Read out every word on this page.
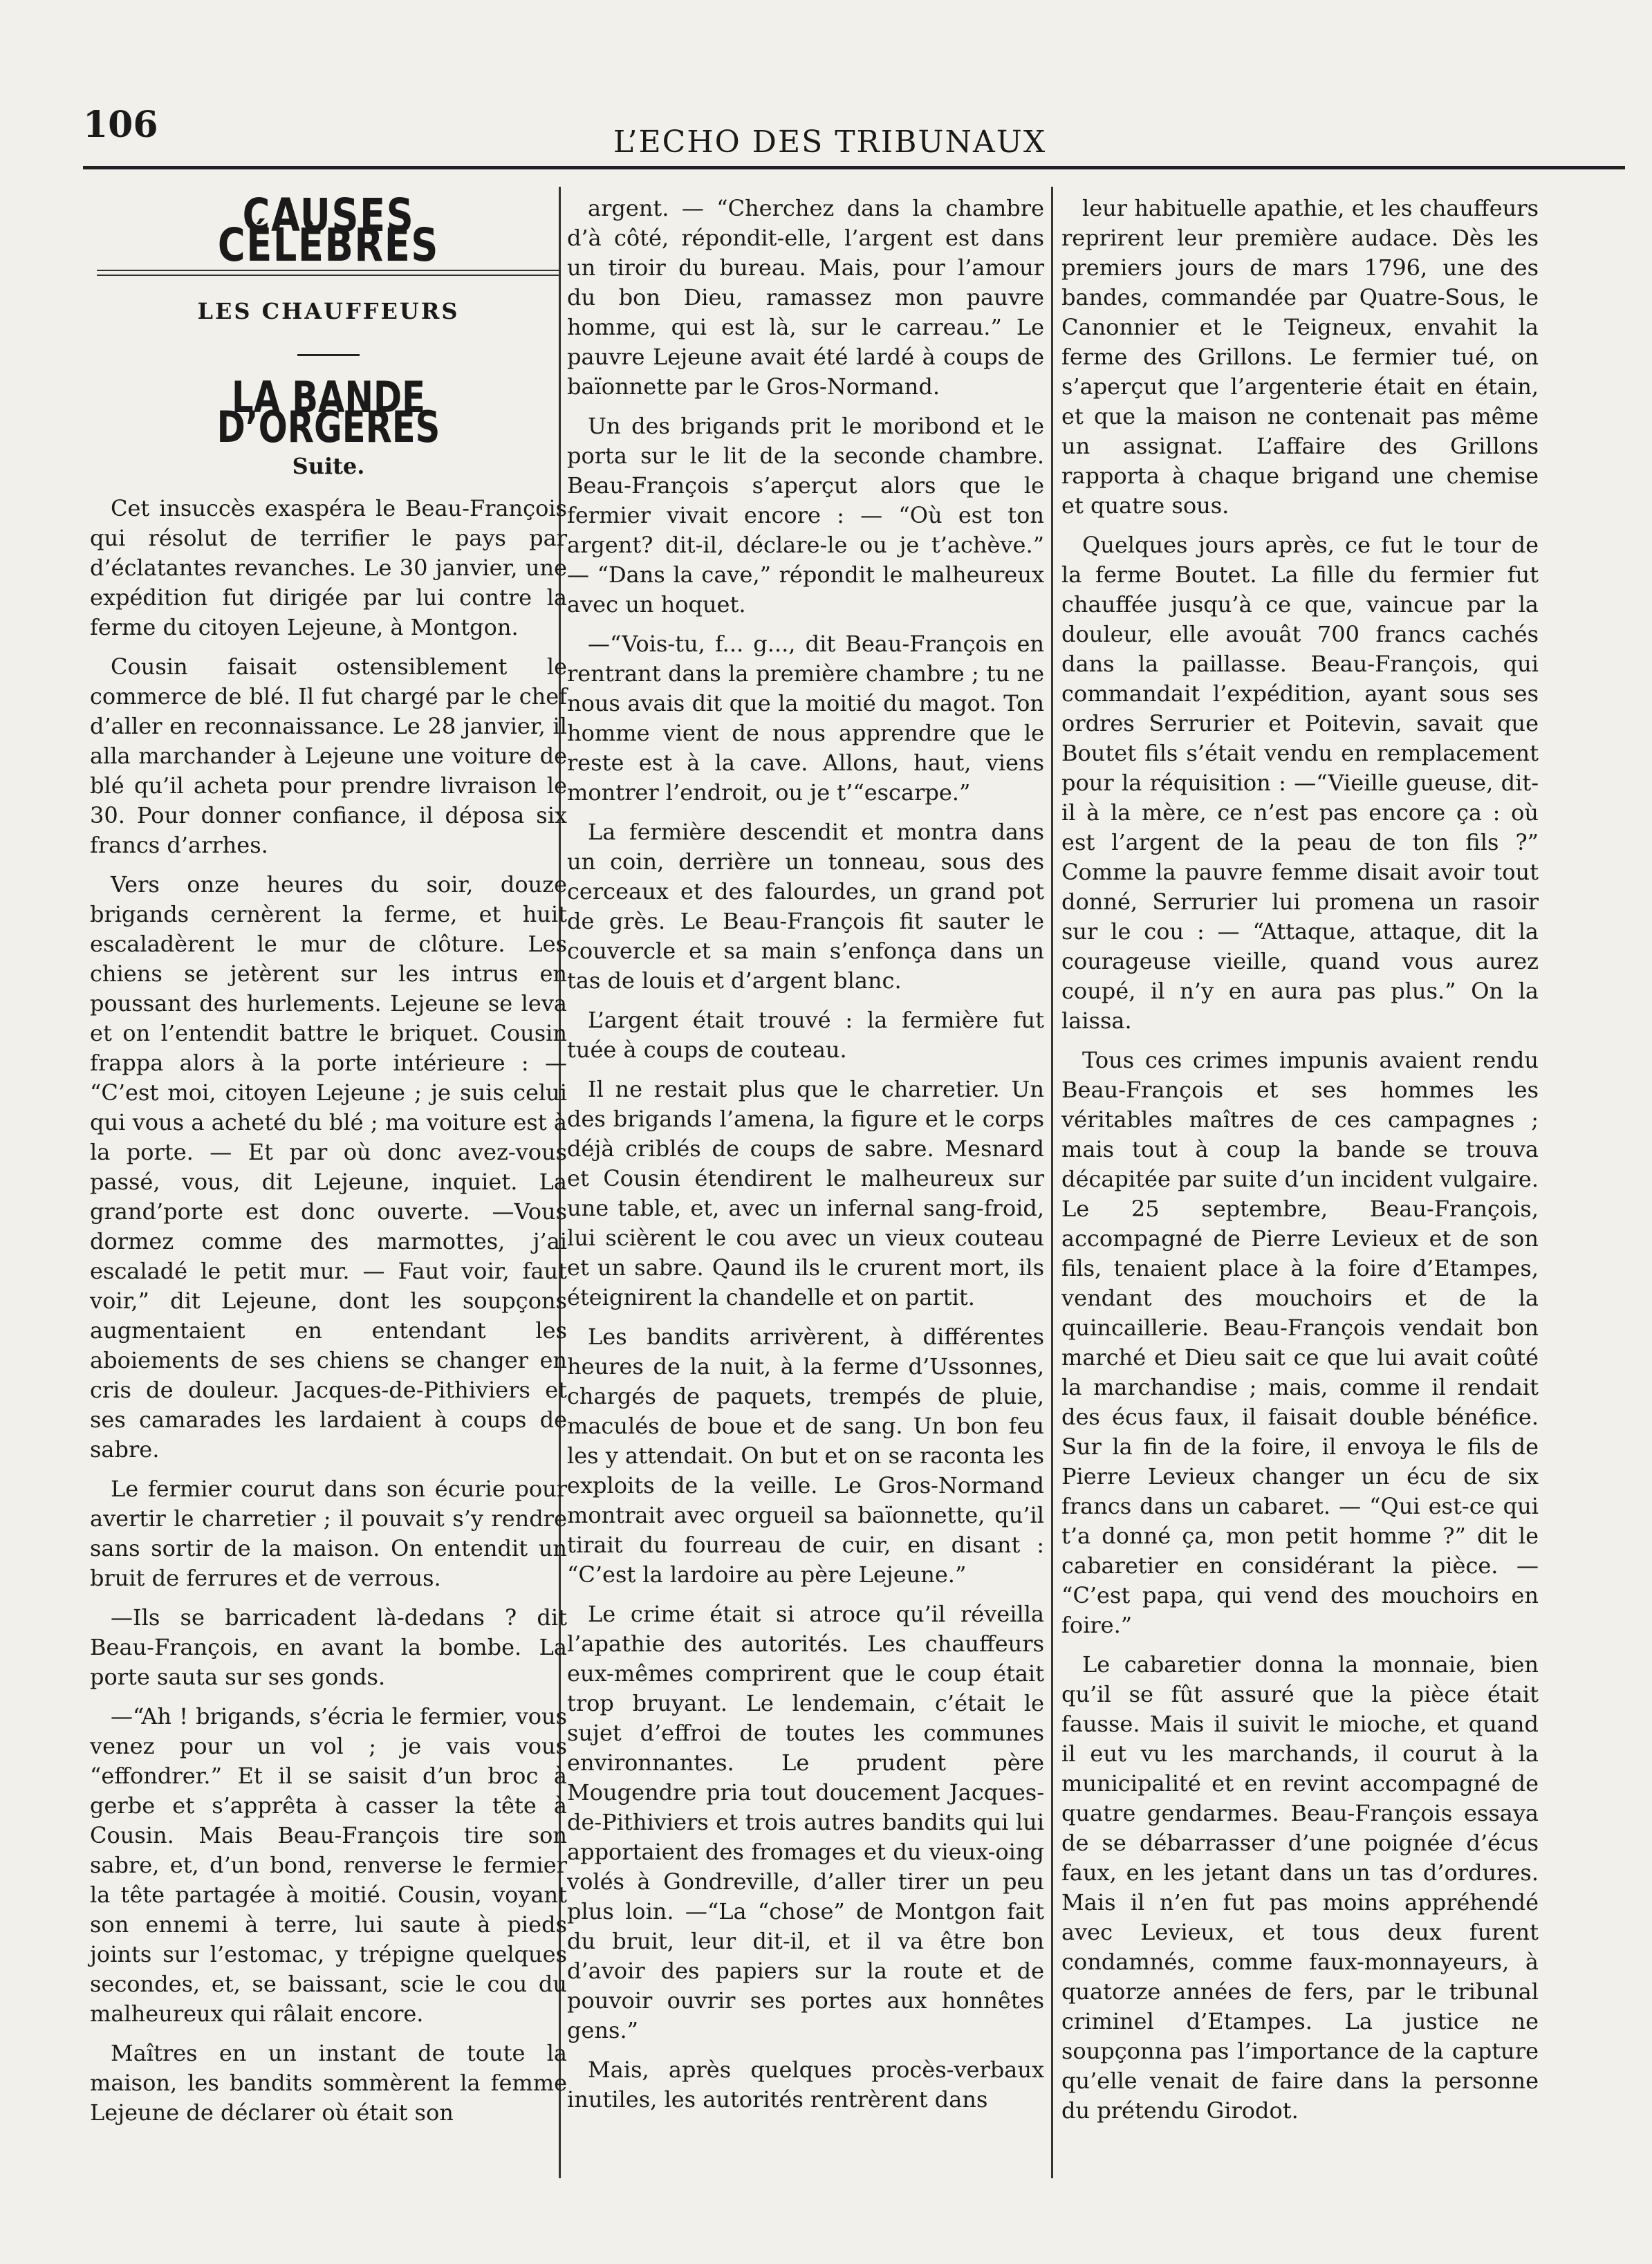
106	L’ECHO DES TRIBUNAUX
CAUSES CÉLÈBRES
LES CHAUFFEURS
LA BANDE D’ORGERES
Suite.

Cet insuccès exaspéra le Beau-François qui résolut de terrifier le pays par d’éclatantes revanches. Le 30 janvier, une expédition fut dirigée par lui contre la ferme du citoyen Lejeune, à Montgon.

Cousin faisait ostensiblement le commerce de blé. Il fut chargé par le chef d’aller en reconnaissance. Le 28 janvier, il alla marchander à Lejeune une voiture de blé qu’il acheta pour prendre livraison le 30. Pour donner confiance, il déposa six francs d’arrhes.

Vers onze heures du soir, douze brigands cernèrent la ferme, et huit escaladèrent le mur de clôture. Les chiens se jetèrent sur les intrus en poussant des hurlements. Lejeune se leva et on l’entendit battre le briquet. Cousin frappa alors à la porte intérieure : — “C’est moi, citoyen Lejeune ; je suis celui qui vous a acheté du blé ; ma voiture est à la porte. — Et par où donc avez-vous passé, vous, dit Lejeune, inquiet. La grand’porte est donc ouverte. —Vous dormez comme des marmottes, j’ai escaladé le petit mur. — Faut voir, faut voir,” dit Lejeune, dont les soupçons augmentaient en entendant les aboiements de ses chiens se changer en cris de douleur. Jacques-de-Pithiviers et ses camarades les lardaient à coups de sabre.

Le fermier courut dans son écurie pour avertir le charretier ; il pouvait s’y rendre sans sortir de la maison. On entendit un bruit de ferrures et de verrous.

—Ils se barricadent là-dedans ? dit Beau-François, en avant la bombe. La porte sauta sur ses gonds.

—“Ah ! brigands, s’écria le fermier, vous venez pour un vol ; je vais vous “effondrer.” Et il se saisit d’un broc à gerbe et s’apprêta à casser la tête à Cousin. Mais Beau-François tire son sabre, et, d’un bond, renverse le fermier la tête partagée à moitié. Cousin, voyant son ennemi à terre, lui saute à pieds joints sur l’estomac, y trépigne quelques secondes, et, se baissant, scie le cou du malheureux qui râlait encore.

Maîtres en un instant de toute la maison, les bandits sommèrent la femme Lejeune de déclarer où était son

argent. — “Cherchez dans la chambre d’à côté, répondit-elle, l’argent est dans un tiroir du bureau. Mais, pour l’amour du bon Dieu, ramassez mon pauvre homme, qui est là, sur le carreau.” Le pauvre Lejeune avait été lardé à coups de baïonnette par le Gros-Normand.

Un des brigands prit le moribond et le porta sur le lit de la seconde chambre. Beau-François s’aperçut alors que le fermier vivait encore : — “Où est ton argent? dit-il, déclare-le ou je t’achève.” — “Dans la cave,” répondit le malheureux avec un hoquet.

—“Vois-tu, f... g..., dit Beau-François en rentrant dans la première chambre ; tu ne nous avais dit que la moitié du magot. Ton homme vient de nous apprendre que le reste est à la cave. Allons, haut, viens montrer l’endroit, ou je t’“escarpe.”

La fermière descendit et montra dans un coin, derrière un tonneau, sous des cerceaux et des falourdes, un grand pot de grès. Le Beau-François fit sauter le couvercle et sa main s’enfonça dans un tas de louis et d’argent blanc.

L’argent était trouvé : la fermière fut tuée à coups de couteau.

Il ne restait plus que le charretier. Un des brigands l’amena, la figure et le corps déjà criblés de coups de sabre. Mesnard et Cousin étendirent le malheureux sur une table, et, avec un infernal sang-froid, lui scièrent le cou avec un vieux couteau et un sabre. Qaund ils le crurent mort, ils éteignirent la chandelle et on partit.

Les bandits arrivèrent, à différentes heures de la nuit, à la ferme d’Ussonnes, chargés de paquets, trempés de pluie, maculés de boue et de sang. Un bon feu les y attendait. On but et on se raconta les exploits de la veille. Le Gros-Normand montrait avec orgueil sa baïonnette, qu’il tirait du fourreau de cuir, en disant : “C’est la lardoire au père Lejeune.”

Le crime était si atroce qu’il réveilla l’apathie des autorités. Les chauffeurs eux-mêmes comprirent que le coup était trop bruyant. Le lendemain, c’était le sujet d’effroi de toutes les communes environnantes. Le prudent père Mougendre pria tout doucement Jacques-de-Pithiviers et trois autres bandits qui lui apportaient des fromages et du vieux-oing volés à Gondreville, d’aller tirer un peu plus loin. —“La “chose” de Montgon fait du bruit, leur dit-il, et il va être bon d’avoir des papiers sur la route et de pouvoir ouvrir ses portes aux honnêtes gens.”

Mais, après quelques procès-verbaux inutiles, les autorités rentrèrent dans

leur habituelle apathie, et les chauffeurs reprirent leur première audace. Dès les premiers jours de mars 1796, une des bandes, commandée par Quatre-Sous, le Canonnier et le Teigneux, envahit la ferme des Grillons. Le fermier tué, on s’aperçut que l’argenterie était en étain, et que la maison ne contenait pas même un assignat. L’affaire des Grillons rapporta à chaque brigand une chemise et quatre sous.

Quelques jours après, ce fut le tour de la ferme Boutet. La fille du fermier fut chauffée jusqu’à ce que, vaincue par la douleur, elle avouât 700 francs cachés dans la paillasse. Beau-François, qui commandait l’expédition, ayant sous ses ordres Serrurier et Poitevin, savait que Boutet fils s’était vendu en remplacement pour la réquisition : —“Vieille gueuse, dit-il à la mère, ce n’est pas encore ça : où est l’argent de la peau de ton fils ?” Comme la pauvre femme disait avoir tout donné, Serrurier lui promena un rasoir sur le cou : — “Attaque, attaque, dit la courageuse vieille, quand vous aurez coupé, il n’y en aura pas plus.” On la laissa.

Tous ces crimes impunis avaient rendu Beau-François et ses hommes les véritables maîtres de ces campagnes ; mais tout à coup la bande se trouva décapitée par suite d’un incident vulgaire. Le 25 septembre, Beau-François, accompagné de Pierre Levieux et de son fils, tenaient place à la foire d’Etampes, vendant des mouchoirs et de la quincaillerie. Beau-François vendait bon marché et Dieu sait ce que lui avait coûté la marchandise ; mais, comme il rendait des écus faux, il faisait double bénéfice. Sur la fin de la foire, il envoya le fils de Pierre Levieux changer un écu de six francs dans un cabaret. — “Qui est-ce qui t’a donné ça, mon petit homme ?” dit le cabaretier en considérant la pièce. — “C’est papa, qui vend des mouchoirs en foire.”

Le cabaretier donna la monnaie, bien qu’il se fût assuré que la pièce était fausse. Mais il suivit le mioche, et quand il eut vu les marchands, il courut à la municipalité et en revint accompagné de quatre gendarmes. Beau-François essaya de se débarrasser d’une poignée d’écus faux, en les jetant dans un tas d’ordures. Mais il n’en fut pas moins appréhendé avec Levieux, et tous deux furent condamnés, comme faux-monnayeurs, à quatorze années de fers, par le tribunal criminel d’Etampes. La justice ne soupçonna pas l’importance de la capture qu’elle venait de faire dans la personne du prétendu Girodot.
